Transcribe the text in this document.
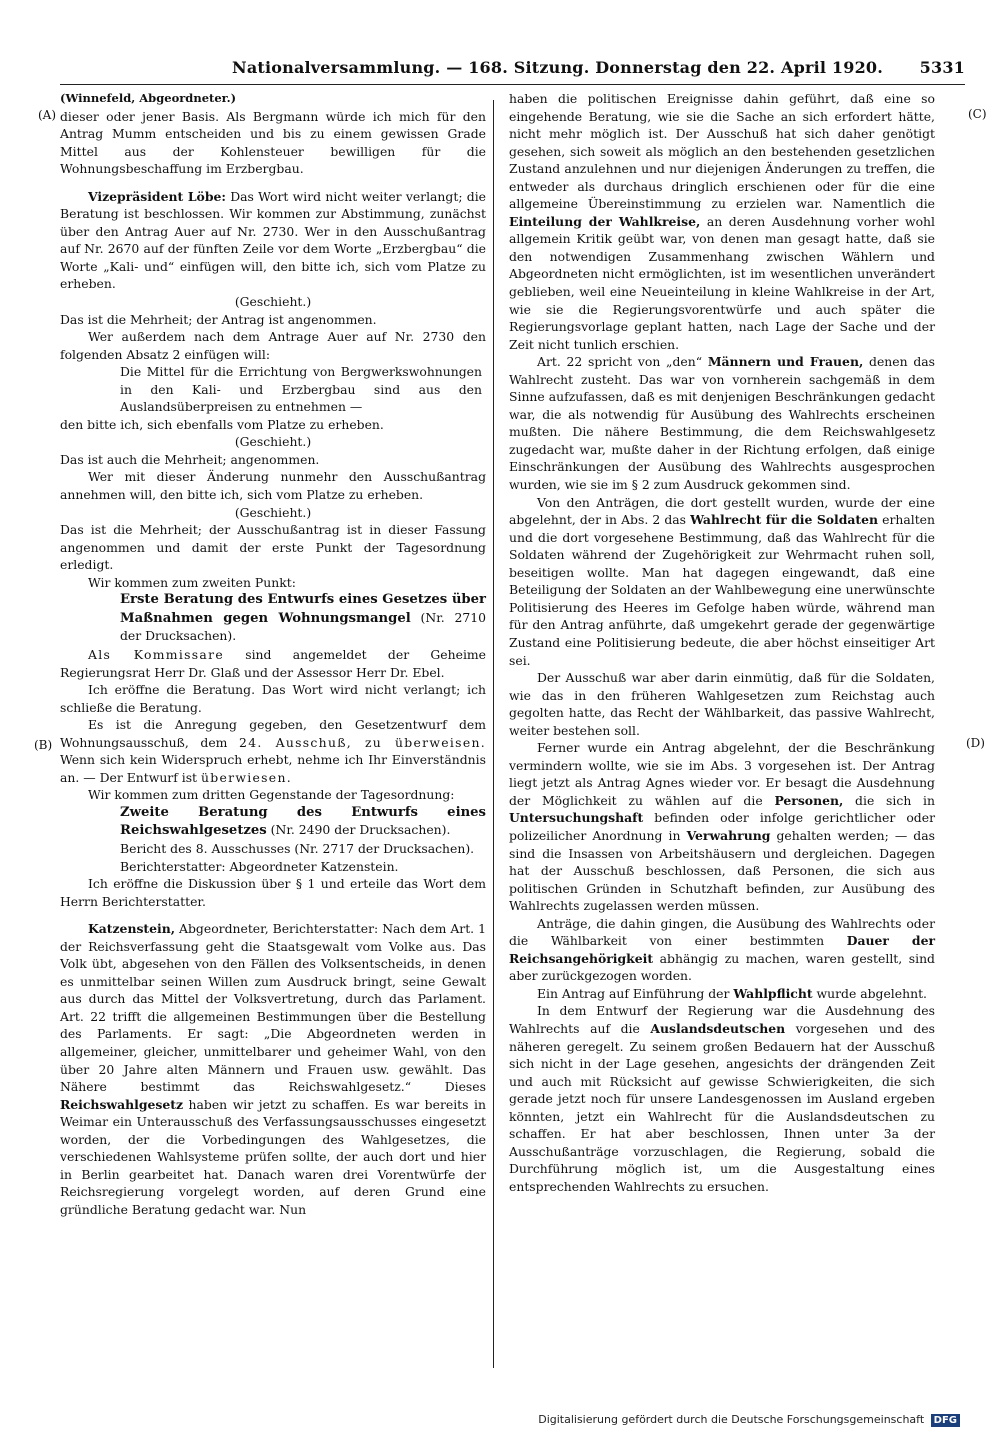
Nationalversammlung. — 168. Sitzung. Donnerstag den 22. April 1920. 5331
(A)
(B)
(C)
(D)

(Winnefeld, Abgeordneter.)

dieser oder jener Basis. Als Bergmann würde ich mich für den Antrag Mumm entscheiden und bis zu einem gewissen Grade Mittel aus der Kohlensteuer bewilligen für die Wohnungsbeschaffung im Erzbergbau.

Vizepräsident Löbe: Das Wort wird nicht weiter verlangt; die Beratung ist beschlossen. Wir kommen zur Abstimmung, zunächst über den Antrag Auer auf Nr. 2730. Wer in den Ausschußantrag auf Nr. 2670 auf der fünften Zeile vor dem Worte „Erzbergbau“ die Worte „Kali- und“ einfügen will, den bitte ich, sich vom Platze zu erheben.

(Geschieht.)

Das ist die Mehrheit; der Antrag ist angenommen.

Wer außerdem nach dem Antrage Auer auf Nr. 2730 den folgenden Absatz 2 einfügen will:

Die Mittel für die Errichtung von Bergwerkswohnungen in den Kali- und Erzbergbau sind aus den Auslandsüberpreisen zu entnehmen —

den bitte ich, sich ebenfalls vom Platze zu erheben.

(Geschieht.)

Das ist auch die Mehrheit; angenommen.

Wer mit dieser Änderung nunmehr den Ausschußantrag annehmen will, den bitte ich, sich vom Platze zu erheben.

(Geschieht.)

Das ist die Mehrheit; der Ausschußantrag ist in dieser Fassung angenommen und damit der erste Punkt der Tagesordnung erledigt.

Wir kommen zum zweiten Punkt:

Erste Beratung des Entwurfs eines Gesetzes über Maßnahmen gegen Wohnungsmangel (Nr. 2710 der Drucksachen).

Als Kommissare sind angemeldet der Geheime Regierungsrat Herr Dr. Glaß und der Assessor Herr Dr. Ebel.

Ich eröffne die Beratung. Das Wort wird nicht verlangt; ich schließe die Beratung.

Es ist die Anregung gegeben, den Gesetzentwurf dem Wohnungsausschuß, dem 24. Ausschuß, zu überweisen. Wenn sich kein Widerspruch erhebt, nehme ich Ihr Einverständnis an. — Der Entwurf ist überwiesen.

Wir kommen zum dritten Gegenstande der Tagesordnung:

Zweite Beratung des Entwurfs eines Reichswahlgesetzes (Nr. 2490 der Drucksachen).

Bericht des 8. Ausschusses (Nr. 2717 der Drucksachen).

Berichterstatter: Abgeordneter Katzenstein.

Ich eröffne die Diskussion über § 1 und erteile das Wort dem Herrn Berichterstatter.

Katzenstein, Abgeordneter, Berichterstatter: Nach dem Art. 1 der Reichsverfassung geht die Staatsgewalt vom Volke aus. Das Volk übt, abgesehen von den Fällen des Volksentscheids, in denen es unmittelbar seinen Willen zum Ausdruck bringt, seine Gewalt aus durch das Mittel der Volksvertretung, durch das Parlament. Art. 22 trifft die allgemeinen Bestimmungen über die Bestellung des Parlaments. Er sagt: „Die Abgeordneten werden in allgemeiner, gleicher, unmittelbarer und geheimer Wahl, von den über 20 Jahre alten Männern und Frauen usw. gewählt. Das Nähere bestimmt das Reichswahlgesetz.“ Dieses Reichswahlgesetz haben wir jetzt zu schaffen. Es war bereits in Weimar ein Unterausschuß des Verfassungsausschusses eingesetzt worden, der die Vorbedingungen des Wahlgesetzes, die verschiedenen Wahlsysteme prüfen sollte, der auch dort und hier in Berlin gearbeitet hat. Danach waren drei Vorentwürfe der Reichsregierung vorgelegt worden, auf deren Grund eine gründliche Beratung gedacht war. Nun

haben die politischen Ereignisse dahin geführt, daß eine so eingehende Beratung, wie sie die Sache an sich erfordert hätte, nicht mehr möglich ist. Der Ausschuß hat sich daher genötigt gesehen, sich soweit als möglich an den bestehenden gesetzlichen Zustand anzulehnen und nur diejenigen Änderungen zu treffen, die entweder als durchaus dringlich erschienen oder für die eine allgemeine Übereinstimmung zu erzielen war. Namentlich die Einteilung der Wahlkreise, an deren Ausdehnung vorher wohl allgemein Kritik geübt war, von denen man gesagt hatte, daß sie den notwendigen Zusammenhang zwischen Wählern und Abgeordneten nicht ermöglichten, ist im wesentlichen unverändert geblieben, weil eine Neueinteilung in kleine Wahlkreise in der Art, wie sie die Regierungsvorentwürfe und auch später die Regierungsvorlage geplant hatten, nach Lage der Sache und der Zeit nicht tunlich erschien.

Art. 22 spricht von „den“ Männern und Frauen, denen das Wahlrecht zusteht. Das war von vornherein sachgemäß in dem Sinne aufzufassen, daß es mit denjenigen Beschränkungen gedacht war, die als notwendig für Ausübung des Wahlrechts erscheinen mußten. Die nähere Bestimmung, die dem Reichswahlgesetz zugedacht war, mußte daher in der Richtung erfolgen, daß einige Einschränkungen der Ausübung des Wahlrechts ausgesprochen wurden, wie sie im § 2 zum Ausdruck gekommen sind.

Von den Anträgen, die dort gestellt wurden, wurde der eine abgelehnt, der in Abs. 2 das Wahlrecht für die Soldaten erhalten und die dort vorgesehene Bestimmung, daß das Wahlrecht für die Soldaten während der Zugehörigkeit zur Wehrmacht ruhen soll, beseitigen wollte. Man hat dagegen eingewandt, daß eine Beteiligung der Soldaten an der Wahlbewegung eine unerwünschte Politisierung des Heeres im Gefolge haben würde, während man für den Antrag anführte, daß umgekehrt gerade der gegenwärtige Zustand eine Politisierung bedeute, die aber höchst einseitiger Art sei.

Der Ausschuß war aber darin einmütig, daß für die Soldaten, wie das in den früheren Wahlgesetzen zum Reichstag auch gegolten hatte, das Recht der Wählbarkeit, das passive Wahlrecht, weiter bestehen soll.

Ferner wurde ein Antrag abgelehnt, der die Beschränkung vermindern wollte, wie sie im Abs. 3 vorgesehen ist. Der Antrag liegt jetzt als Antrag Agnes wieder vor. Er besagt die Ausdehnung der Möglichkeit zu wählen auf die Personen, die sich in Untersuchungshaft befinden oder infolge gerichtlicher oder polizeilicher Anordnung in Verwahrung gehalten werden; — das sind die Insassen von Arbeitshäusern und dergleichen. Dagegen hat der Ausschuß beschlossen, daß Personen, die sich aus politischen Gründen in Schutzhaft befinden, zur Ausübung des Wahlrechts zugelassen werden müssen.

Anträge, die dahin gingen, die Ausübung des Wahlrechts oder die Wählbarkeit von einer bestimmten Dauer der Reichsangehörigkeit abhängig zu machen, waren gestellt, sind aber zurückgezogen worden.

Ein Antrag auf Einführung der Wahlpflicht wurde abgelehnt.

In dem Entwurf der Regierung war die Ausdehnung des Wahlrechts auf die Auslandsdeutschen vorgesehen und des näheren geregelt. Zu seinem großen Bedauern hat der Ausschuß sich nicht in der Lage gesehen, angesichts der drängenden Zeit und auch mit Rücksicht auf gewisse Schwierigkeiten, die sich gerade jetzt noch für unsere Landesgenossen im Ausland ergeben könnten, jetzt ein Wahlrecht für die Auslandsdeutschen zu schaffen. Er hat aber beschlossen, Ihnen unter 3a der Ausschußanträge vorzuschlagen, die Regierung, sobald die Durchführung möglich ist, um die Ausgestaltung eines entsprechenden Wahlrechts zu ersuchen.

Digitalisierung gefördert durch die Deutsche Forschungsgemeinschaft DFG
